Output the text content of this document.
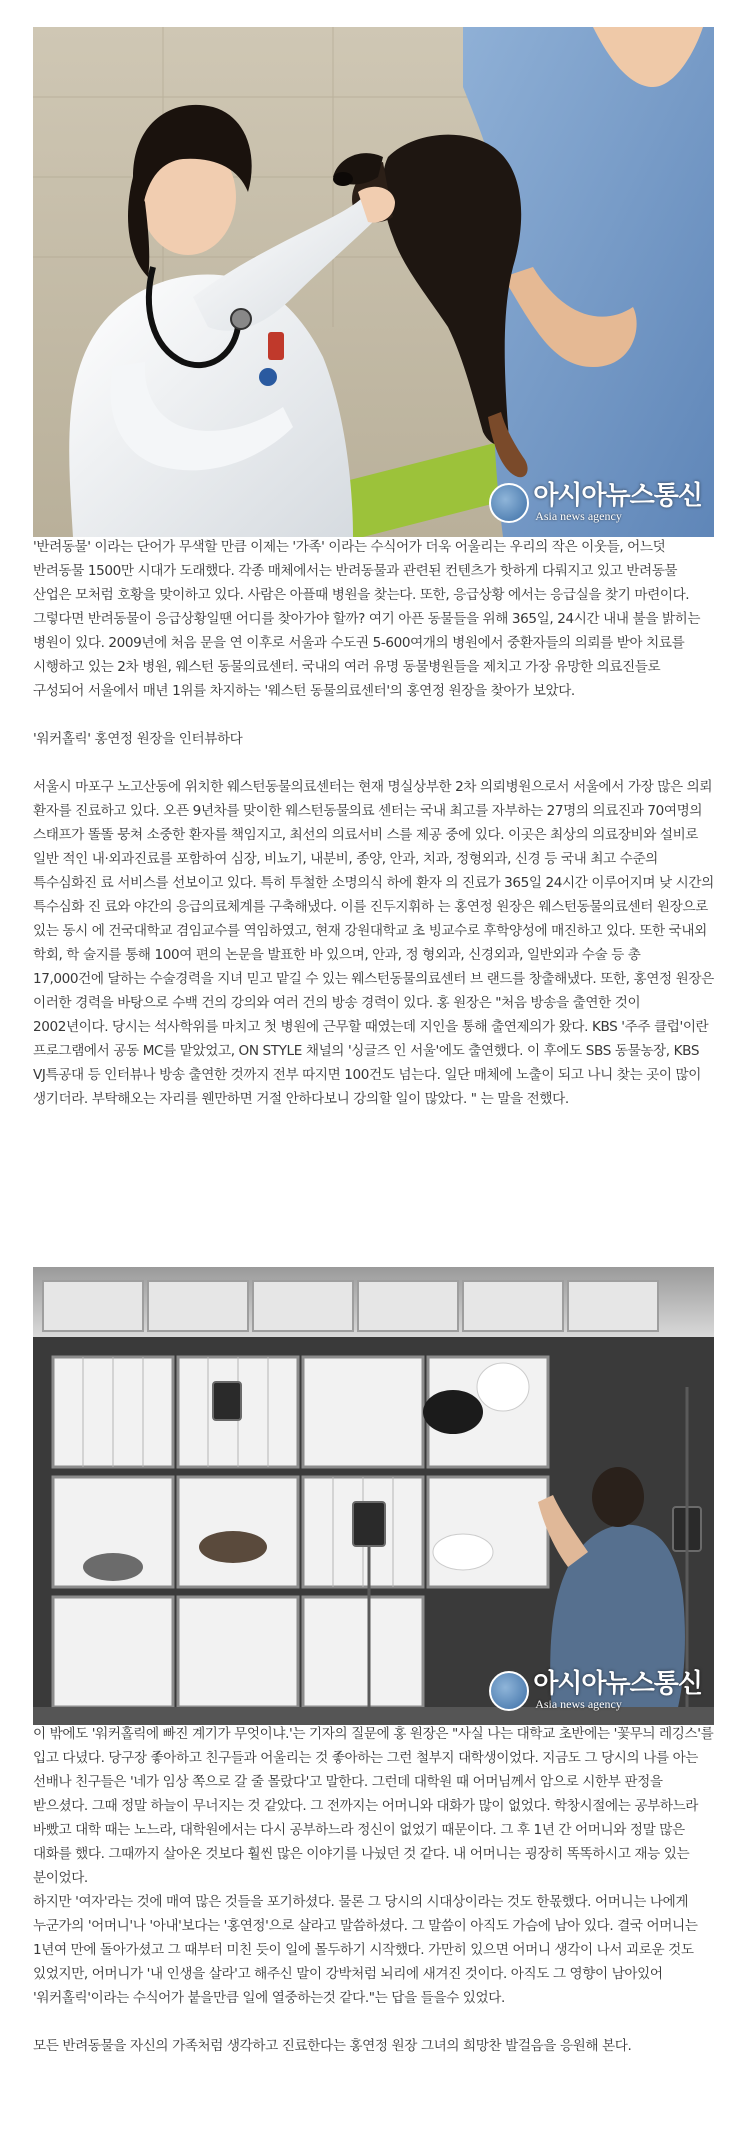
아시아뉴스통신
Asia news agency

'반려동물' 이라는 단어가 무색할 만큼 이제는 '가족' 이라는 수식어가 더욱 어울리는 우리의 작은 이웃들, 어느덧 반려동물 1500만 시대가 도래했다. 각종 매체에서는 반려동물과 관련된 컨텐츠가 핫하게 다뤄지고 있고 반려동물 산업은 모처럼 호황을 맞이하고 있다. 사람은 아플때 병원을 찾는다. 또한, 응급상황 에서는 응급실을 찾기 마련이다. 그렇다면 반려동물이 응급상황일땐 어디를 찾아가야 할까? 여기 아픈 동물들을 위해 365일, 24시간 내내 불을 밝히는 병원이 있다. 2009년에 처음 문을 연 이후로 서울과 수도권 5-600여개의 병원에서 중환자들의 의뢰를 받아 치료를 시행하고 있는 2차 병원, 웨스턴 동물의료센터. 국내의 여러 유명 동물병원들을 제치고 가장 유망한 의료진들로 구성되어 서울에서 매년 1위를 차지하는 '웨스턴 동물의료센터'의 홍연정 원장을 찾아가 보았다.

'워커홀릭' 홍연정 원장을 인터뷰하다

서울시 마포구 노고산동에 위치한 웨스턴동물의료센터는 현재 명실상부한 2차 의뢰병원으로서 서울에서 가장 많은 의뢰 환자를 진료하고 있다. 오픈 9년차를 맞이한 웨스턴동물의료 센터는 국내 최고를 자부하는 27명의 의료진과 70여명의 스태프가 똘똘 뭉쳐 소중한 환자를 책임지고, 최선의 의료서비 스를 제공 중에 있다. 이곳은 최상의 의료장비와 설비로 일반 적인 내·외과진료를 포함하여 심장, 비뇨기, 내분비, 종양, 안과, 치과, 정형외과, 신경 등 국내 최고 수준의 특수심화진 료 서비스를 선보이고 있다. 특히 투철한 소명의식 하에 환자 의 진료가 365일 24시간 이루어지며 낮 시간의 특수심화 진 료와 야간의 응급의료체계를 구축해냈다. 이를 진두지휘하 는 홍연정 원장은 웨스턴동물의료센터 원장으로 있는 동시 에 건국대학교 겸임교수를 역임하였고, 현재 강원대학교 초 빙교수로 후학양성에 매진하고 있다. 또한 국내외 학회, 학 술지를 통해 100여 편의 논문을 발표한 바 있으며, 안과, 정 형외과, 신경외과, 일반외과 수술 등 총 17,000건에 달하는 수술경력을 지녀 믿고 맡길 수 있는 웨스턴동물의료센터 브 랜드를 창출해냈다. 또한, 홍연정 원장은 이러한 경력을 바탕으로 수백 건의 강의와 여러 건의 방송 경력이 있다. 홍 원장은 "처음 방송을 출연한 것이 2002년이다. 당시는 석사학위를 마치고 첫 병원에 근무할 때였는데 지인을 통해 출연제의가 왔다. KBS '주주 클럽'이란 프로그램에서 공동 MC를 맡았었고, ON STYLE 채널의 '싱글즈 인 서울'에도 출연했다. 이 후에도 SBS 동물농장, KBS VJ특공대 등 인터뷰나 방송 출연한 것까지 전부 따지면 100건도 넘는다. 일단 매체에 노출이 되고 나니 찾는 곳이 많이 생기더라. 부탁해오는 자리를 웬만하면 거절 안하다보니 강의할 일이 많았다. " 는 말을 전했다.

아시아뉴스통신
Asia news agency

이 밖에도 '워커홀릭에 빠진 계기가 무엇이냐.'는 기자의 질문에 홍 원장은 "사실 나는 대학교 초반에는 '꽃무늬 레깅스'를 입고 다녔다. 당구장 좋아하고 친구들과 어울리는 것 좋아하는 그런 철부지 대학생이었다. 지금도 그 당시의 나를 아는 선배나 친구들은 '네가 임상 쪽으로 갈 줄 몰랐다'고 말한다. 그런데 대학원 때 어머님께서 암으로 시한부 판정을 받으셨다. 그때 정말 하늘이 무너지는 것 같았다. 그 전까지는 어머니와 대화가 많이 없었다. 학창시절에는 공부하느라 바빴고 대학 때는 노느라, 대학원에서는 다시 공부하느라 정신이 없었기 때문이다. 그 후 1년 간 어머니와 정말 많은 대화를 했다. 그때까지 살아온 것보다 훨씬 많은 이야기를 나눴던 것 같다. 내 어머니는 굉장히 똑똑하시고 재능 있는 분이었다.

하지만 '여자'라는 것에 매여 많은 것들을 포기하셨다. 물론 그 당시의 시대상이라는 것도 한몫했다. 어머니는 나에게 누군가의 '어머니'나 '아내'보다는 '홍연정'으로 살라고 말씀하셨다. 그 말씀이 아직도 가슴에 남아 있다. 결국 어머니는 1년여 만에 돌아가셨고 그 때부터 미친 듯이 일에 몰두하기 시작했다. 가만히 있으면 어머니 생각이 나서 괴로운 것도 있었지만, 어머니가 '내 인생을 살라'고 해주신 말이 강박처럼 뇌리에 새겨진 것이다. 아직도 그 영향이 남아있어 '워커홀릭'이라는 수식어가 붙을만큼 일에 열중하는것 같다."는 답을 들을수 있었다.

모든 반려동물을 자신의 가족처럼 생각하고 진료한다는 홍연정 원장 그녀의 희망찬 발걸음을 응원해 본다.
